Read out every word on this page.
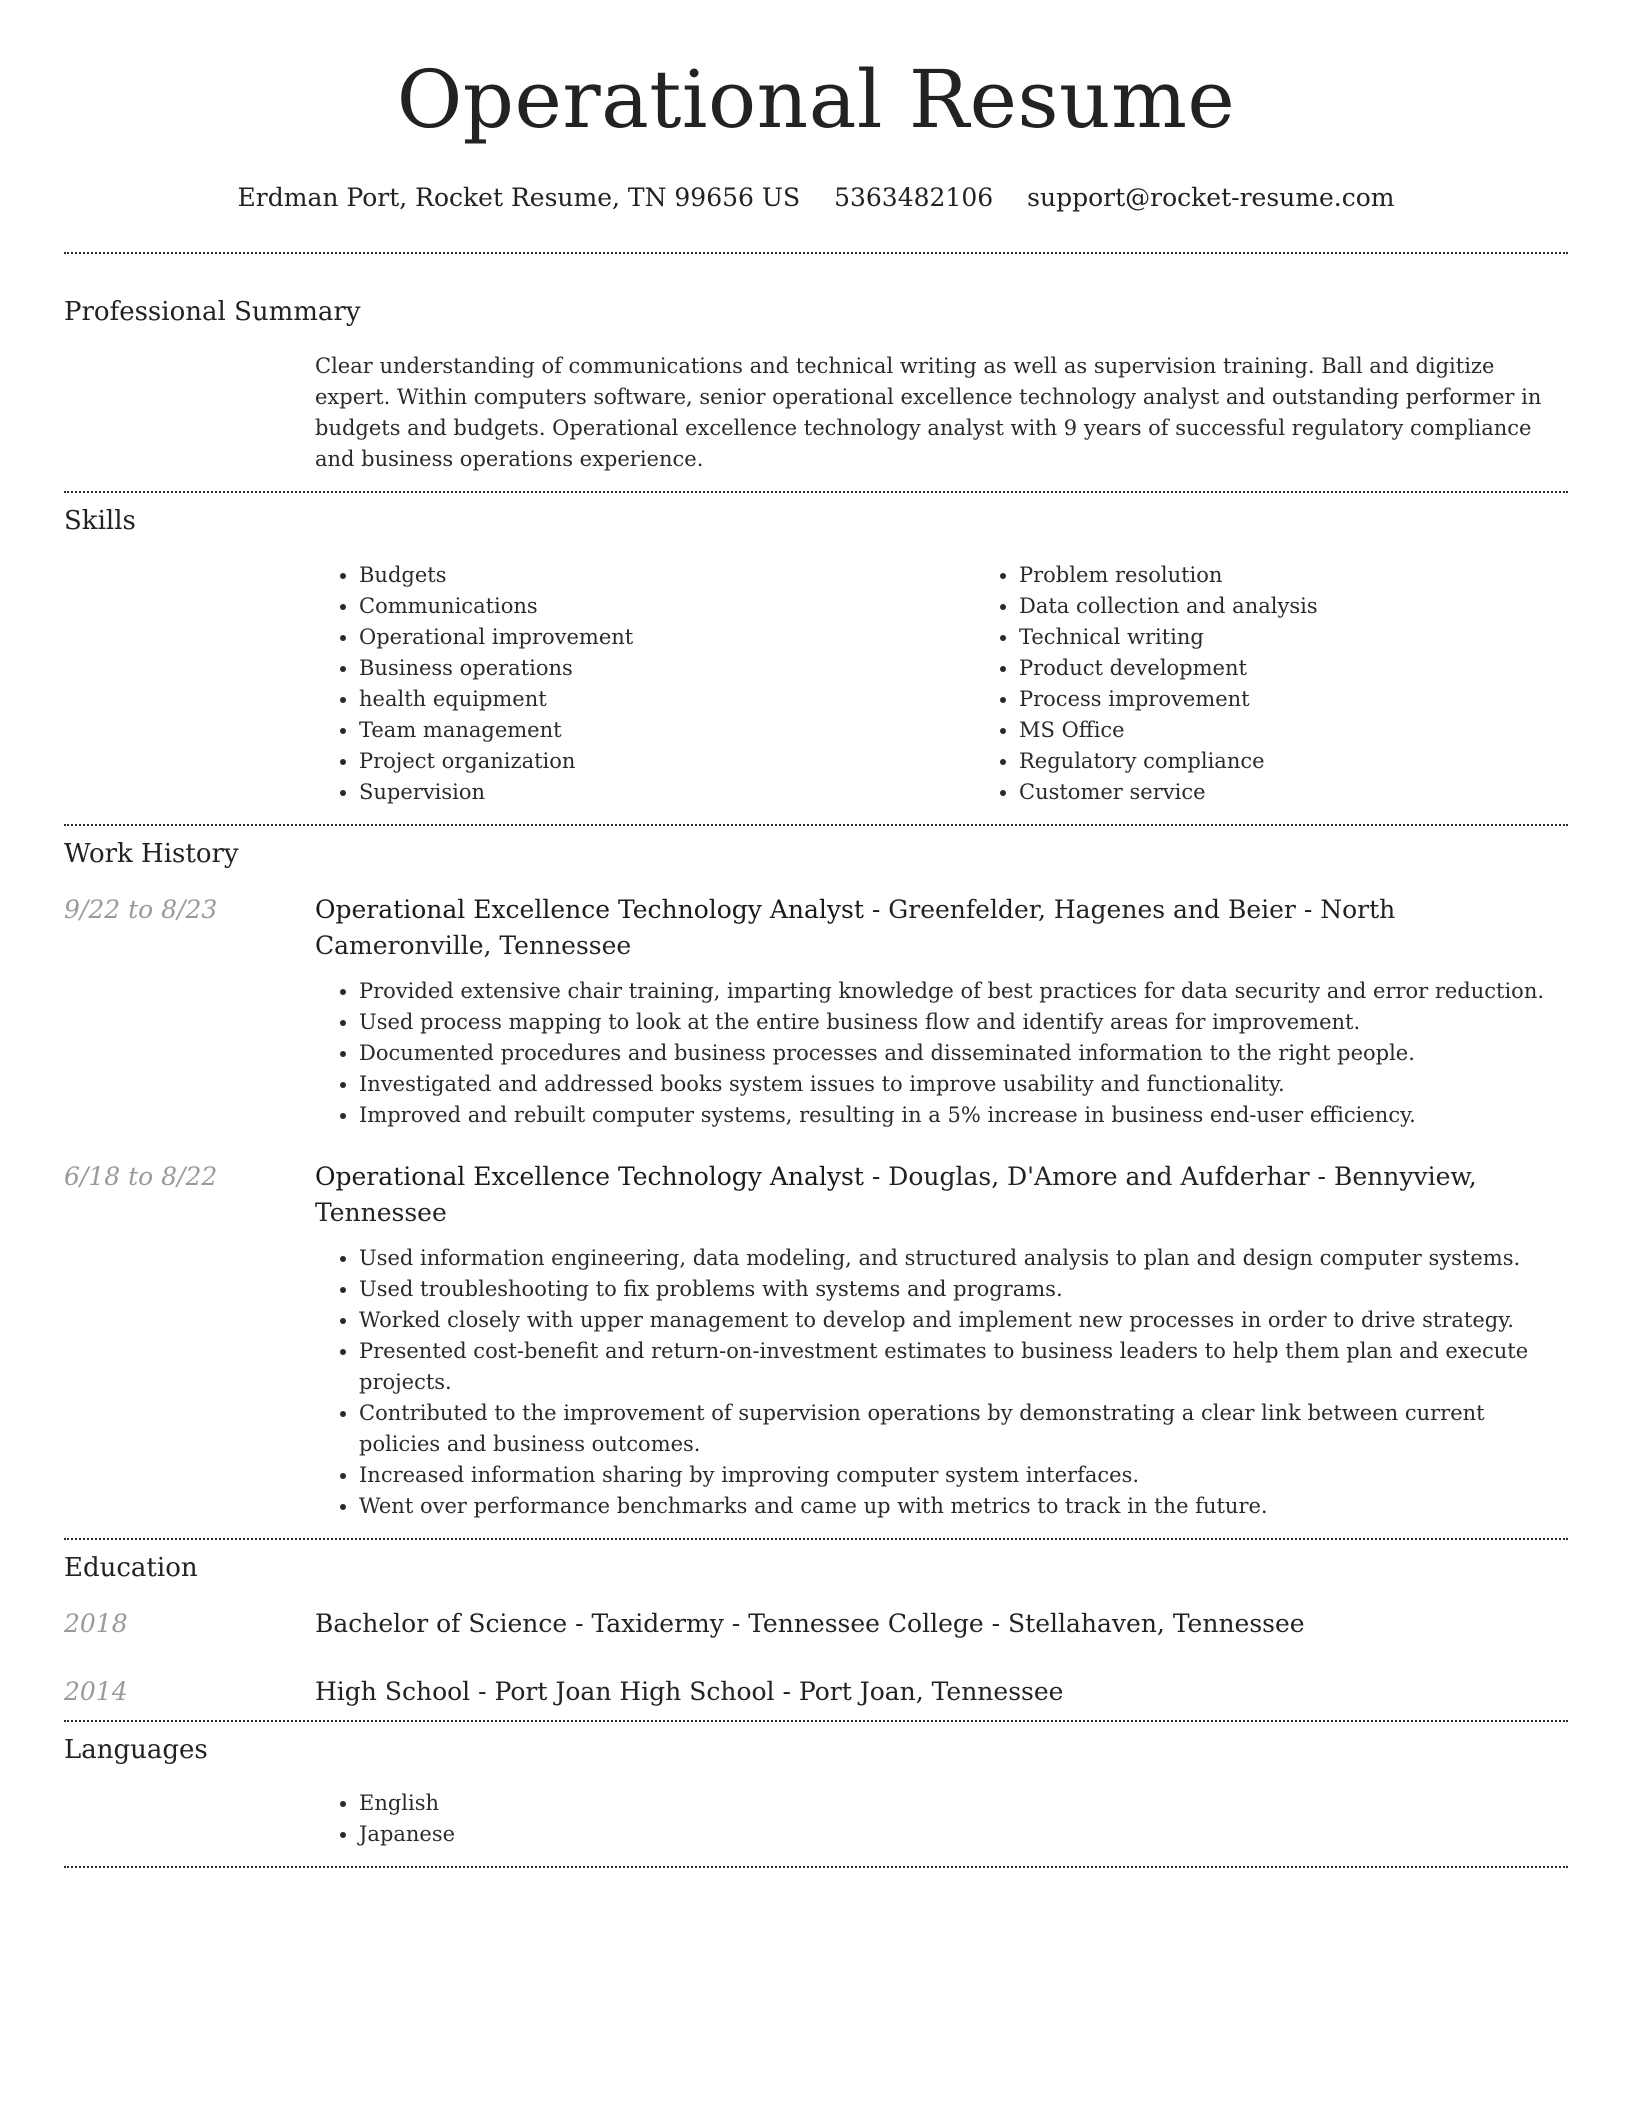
Operational Resume
Erdman Port, Rocket Resume, TN 99656 US 5363482106 support@rocket-resume.com
Professional Summary

Clear understanding of communications and technical writing as well as supervision training. Ball and digitize expert. Within computers software, senior operational excellence technology analyst and outstanding performer in budgets and budgets. Operational excellence technology analyst with 9 years of successful regulatory compliance and business operations experience.

Skills
• Budgets
• Communications
• Operational improvement
• Business operations
• health equipment
• Team management
• Project organization
• Supervision
• Problem resolution
• Data collection and analysis
• Technical writing
• Product development
• Process improvement
• MS Office
• Regulatory compliance
• Customer service
Work History
9/22 to 8/23	Operational Excellence Technology Analyst - Greenfelder, Hagenes and Beier - North Cameronville, Tennessee

• Provided extensive chair training, imparting knowledge of best practices for data security and error reduction.
• Used process mapping to look at the entire business flow and identify areas for improvement.
• Documented procedures and business processes and disseminated information to the right people.
• Investigated and addressed books system issues to improve usability and functionality.
• Improved and rebuilt computer systems, resulting in a 5% increase in business end-user efficiency.
6/18 to 8/22	Operational Excellence Technology Analyst - Douglas, D'Amore and Aufderhar - Bennyview, Tennessee

• Used information engineering, data modeling, and structured analysis to plan and design computer systems.
• Used troubleshooting to fix problems with systems and programs.
• Worked closely with upper management to develop and implement new processes in order to drive strategy.
• Presented cost-benefit and return-on-investment estimates to business leaders to help them plan and execute projects.
• Contributed to the improvement of supervision operations by demonstrating a clear link between current policies and business outcomes.
• Increased information sharing by improving computer system interfaces.
• Went over performance benchmarks and came up with metrics to track in the future.
Education
2018	Bachelor of Science - Taxidermy - Tennessee College - Stellahaven, Tennessee
2014	High School - Port Joan High School - Port Joan, Tennessee
Languages
• English
• Japanese
